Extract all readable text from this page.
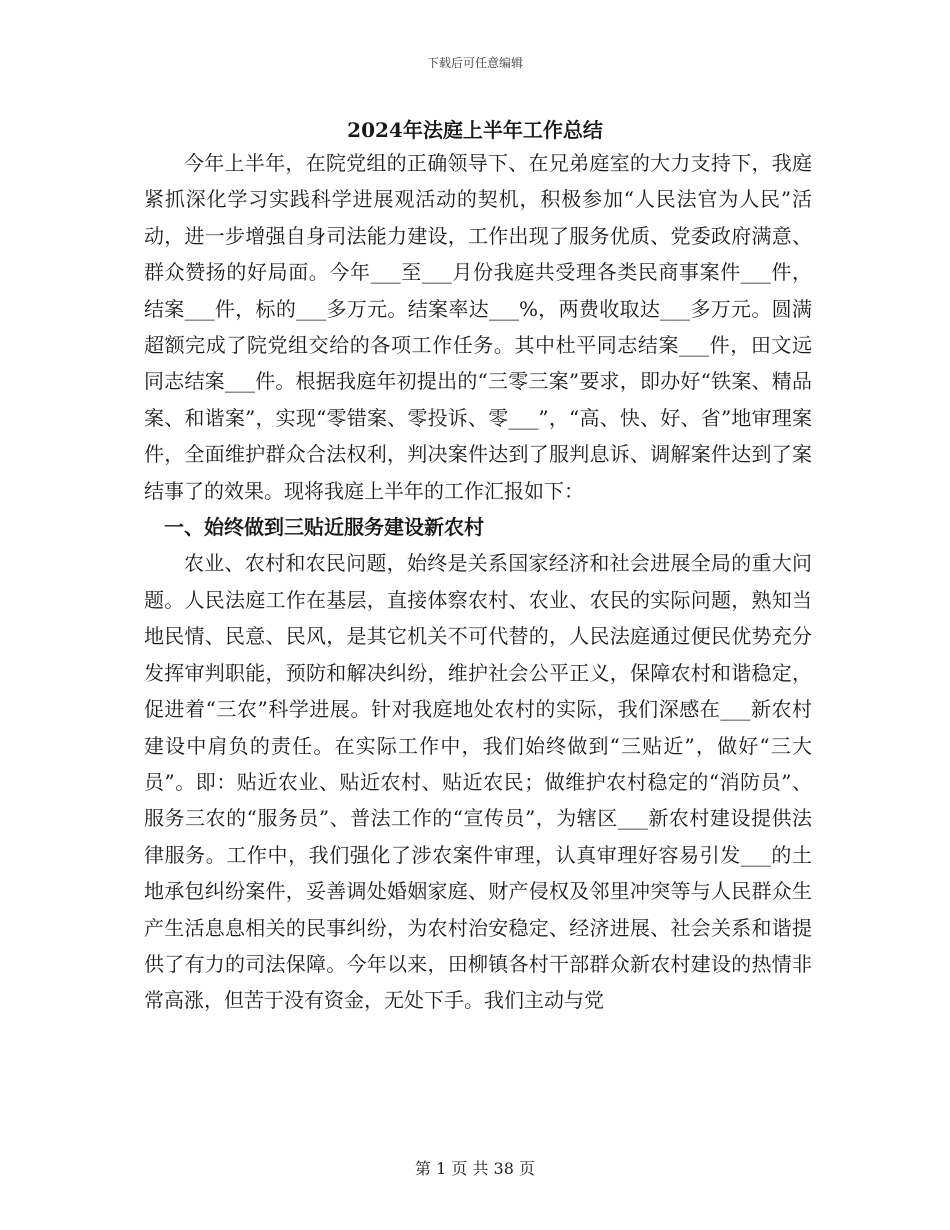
下载后可任意编辑
2024年法庭上半年工作总结

今年上半年，在院党组的正确领导下、在兄弟庭室的大力支持下，我庭紧抓深化学习实践科学进展观活动的契机，积极参加“人民法官为人民”活动，进一步增强自身司法能力建设，工作出现了服务优质、党委政府满意、群众赞扬的好局面。今年___至___月份我庭共受理各类民商事案件___件，结案___件，标的___多万元。结案率达___%，两费收取达___多万元。圆满超额完成了院党组交给的各项工作任务。其中杜平同志结案___件，田文远同志结案___件。根据我庭年初提出的“三零三案”要求，即办好“铁案、精品案、和谐案”，实现“零错案、零投诉、零___”，“高、快、好、省”地审理案件，全面维护群众合法权利，判决案件达到了服判息诉、调解案件达到了案结事了的效果。现将我庭上半年的工作汇报如下：

一、始终做到三贴近服务建设新农村

农业、农村和农民问题，始终是关系国家经济和社会进展全局的重大问题。人民法庭工作在基层，直接体察农村、农业、农民的实际问题，熟知当地民情、民意、民风，是其它机关不可代替的，人民法庭通过便民优势充分发挥审判职能，预防和解决纠纷，维护社会公平正义，保障农村和谐稳定，促进着“三农”科学进展。针对我庭地处农村的实际，我们深感在___新农村建设中肩负的责任。在实际工作中，我们始终做到“三贴近”，做好“三大员”。即：贴近农业、贴近农村、贴近农民；做维护农村稳定的“消防员”、服务三农的“服务员”、普法工作的“宣传员”，为辖区___新农村建设提供法律服务。工作中，我们强化了涉农案件审理，认真审理好容易引发___的土地承包纠纷案件，妥善调处婚姻家庭、财产侵权及邻里冲突等与人民群众生产生活息息相关的民事纠纷，为农村治安稳定、经济进展、社会关系和谐提供了有力的司法保障。今年以来，田柳镇各村干部群众新农村建设的热情非常高涨，但苦于没有资金，无处下手。我们主动与党

第 1 页 共 38 页
